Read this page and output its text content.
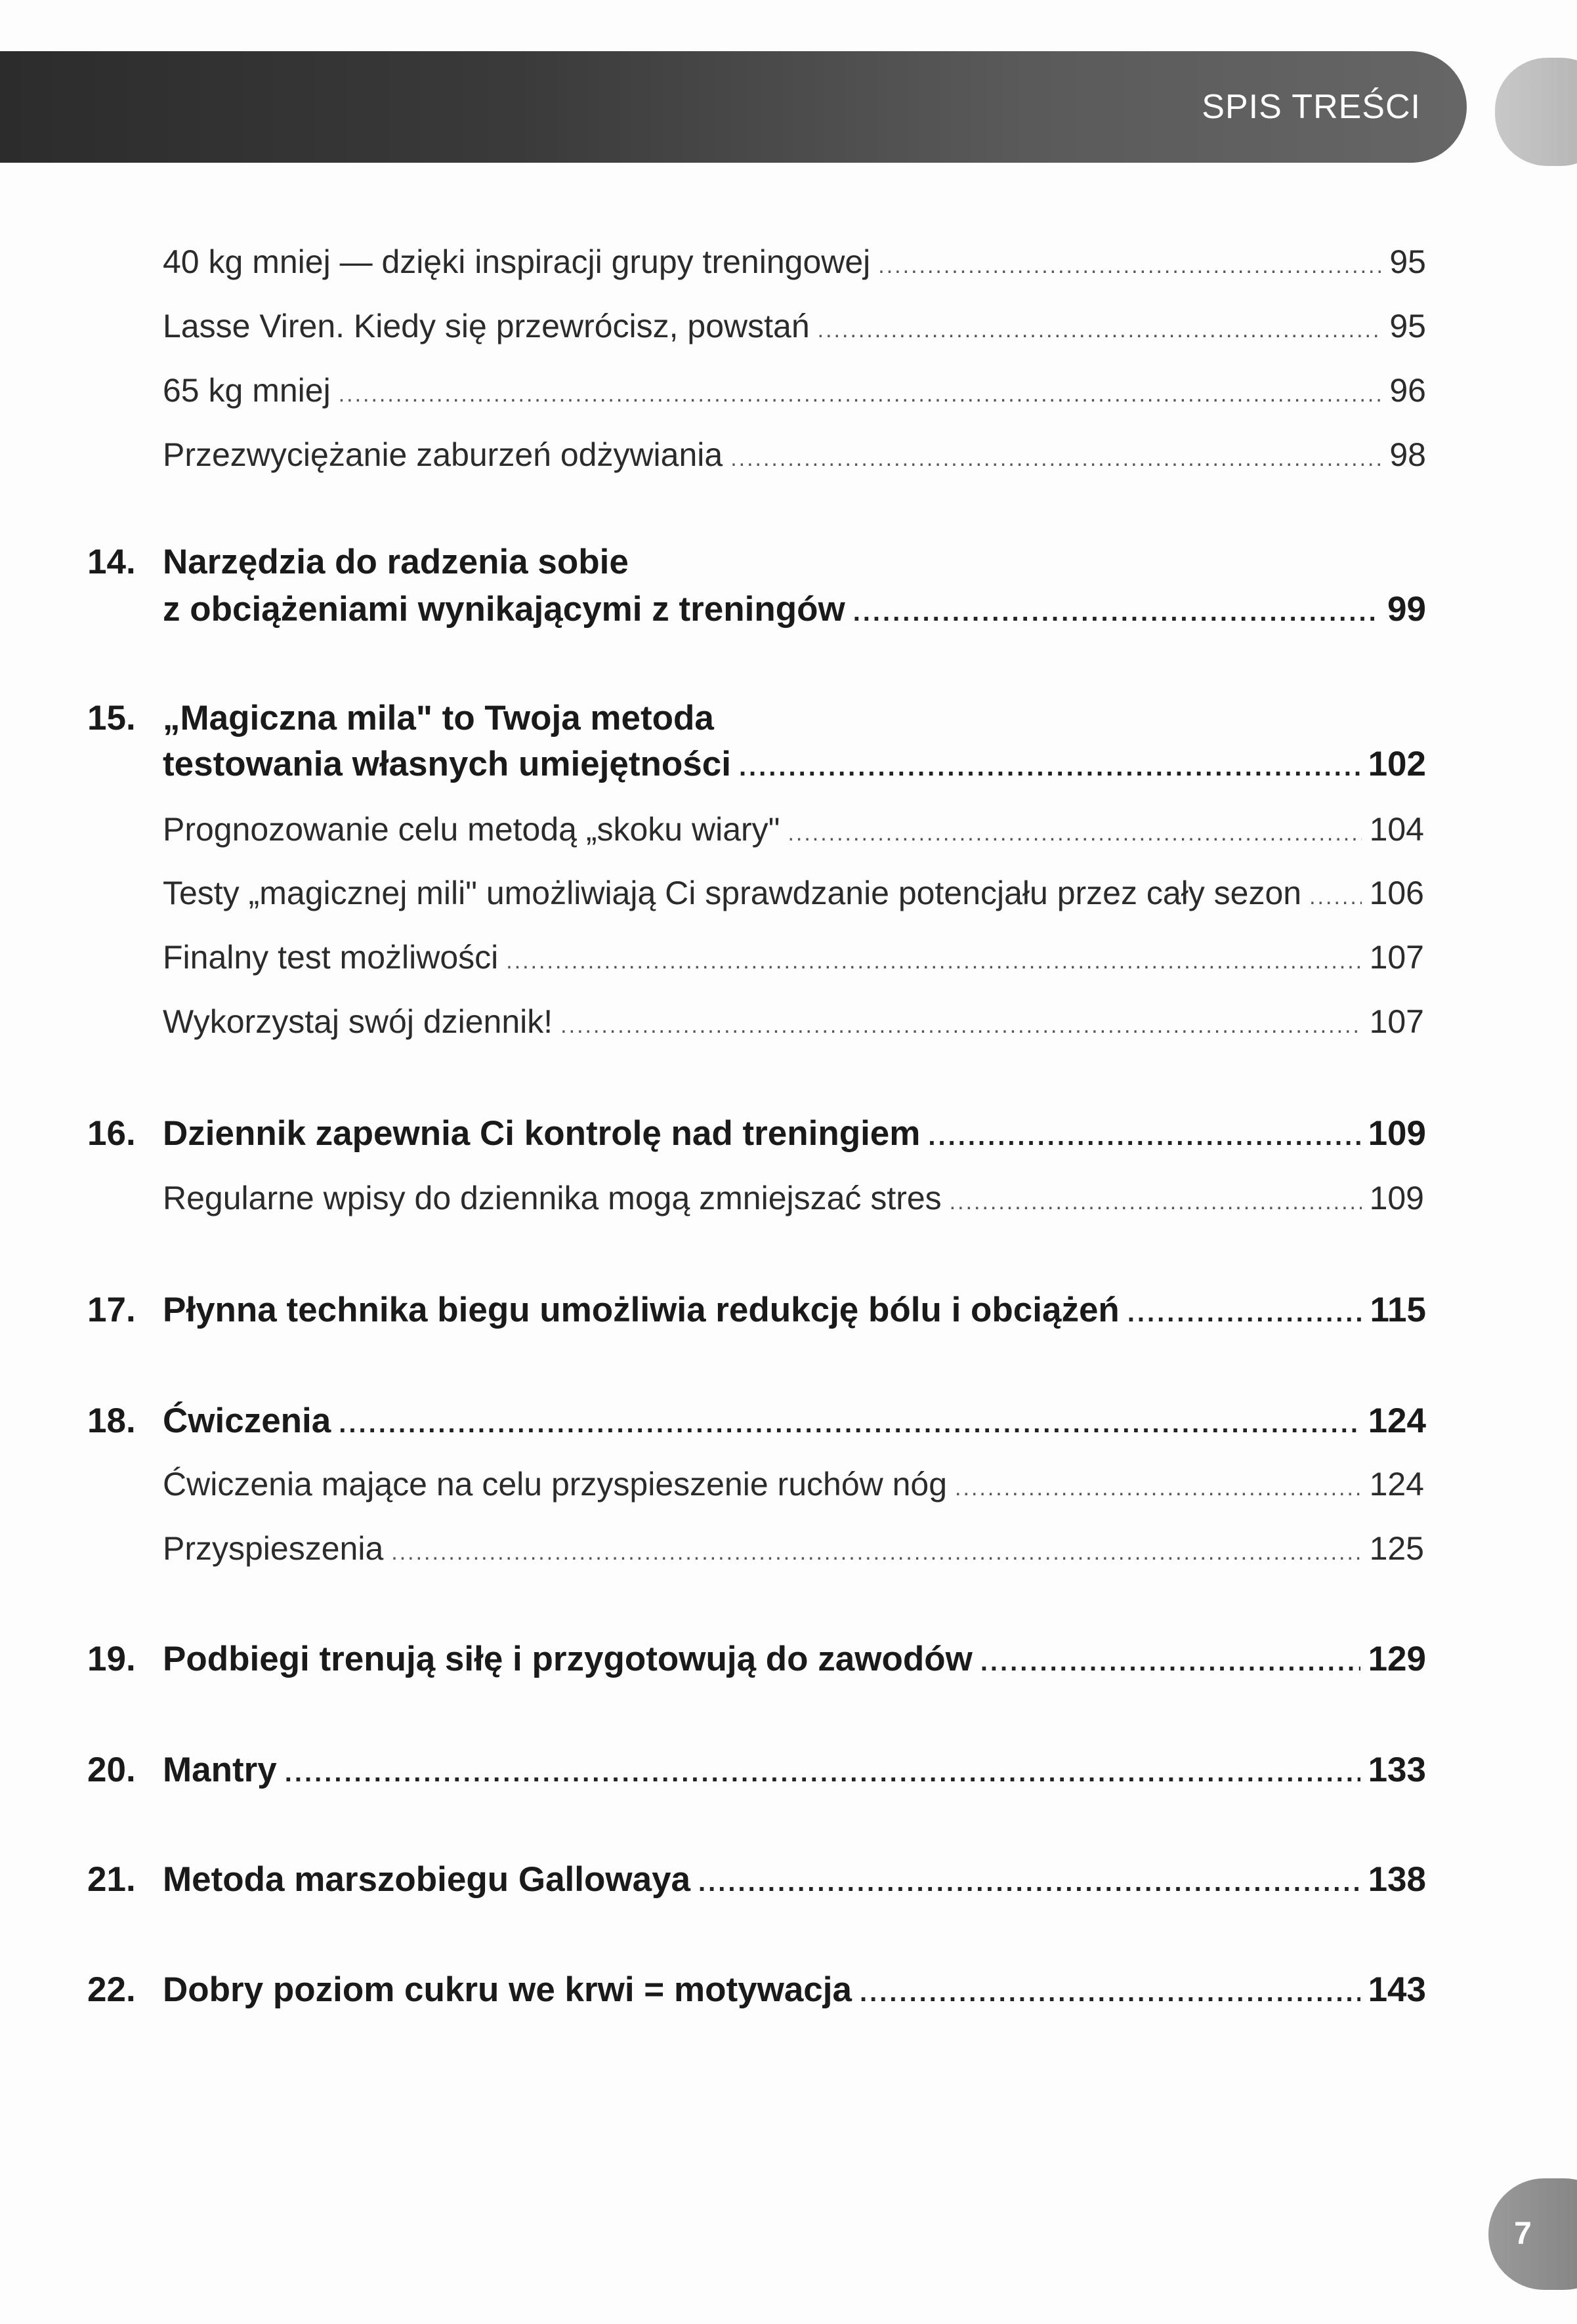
SPIS TREŚCI
40 kg mniej — dzięki inspiracji grupy treningowej .....	95
Lasse Viren. Kiedy się przewrócisz, powstań .....	95
65 kg mniej .....	96
Przezwyciężanie zaburzeń odżywiania .....	98
14. Narzędzia do radzenia sobie
z obciążeniami wynikającymi z treningów .....	99
15. „Magiczna mila" to Twoja metoda
testowania własnych umiejętności .....	102
Prognozowanie celu metodą „skoku wiary" .....	104
Testy „magicznej mili" umożliwiają Ci sprawdzanie potencjału przez cały sezon ..... 106
Finalny test możliwości .....	107
Wykorzystaj swój dziennik! .....	107
16. Dziennik zapewnia Ci kontrolę nad treningiem .....	109
Regularne wpisy do dziennika mogą zmniejszać stres .....	109
17. Płynna technika biegu umożliwia redukcję bólu i obciążeń .....	115
18. Ćwiczenia .....	124
Ćwiczenia mające na celu przyspieszenie ruchów nóg .....	124
Przyspieszenia .....	125
19. Podbiegi trenują siłę i przygotowują do zawodów .....	129
20. Mantry .....	133
21. Metoda marszobiegu Gallowaya .....	138
22. Dobry poziom cukru we krwi = motywacja .....	143
7
